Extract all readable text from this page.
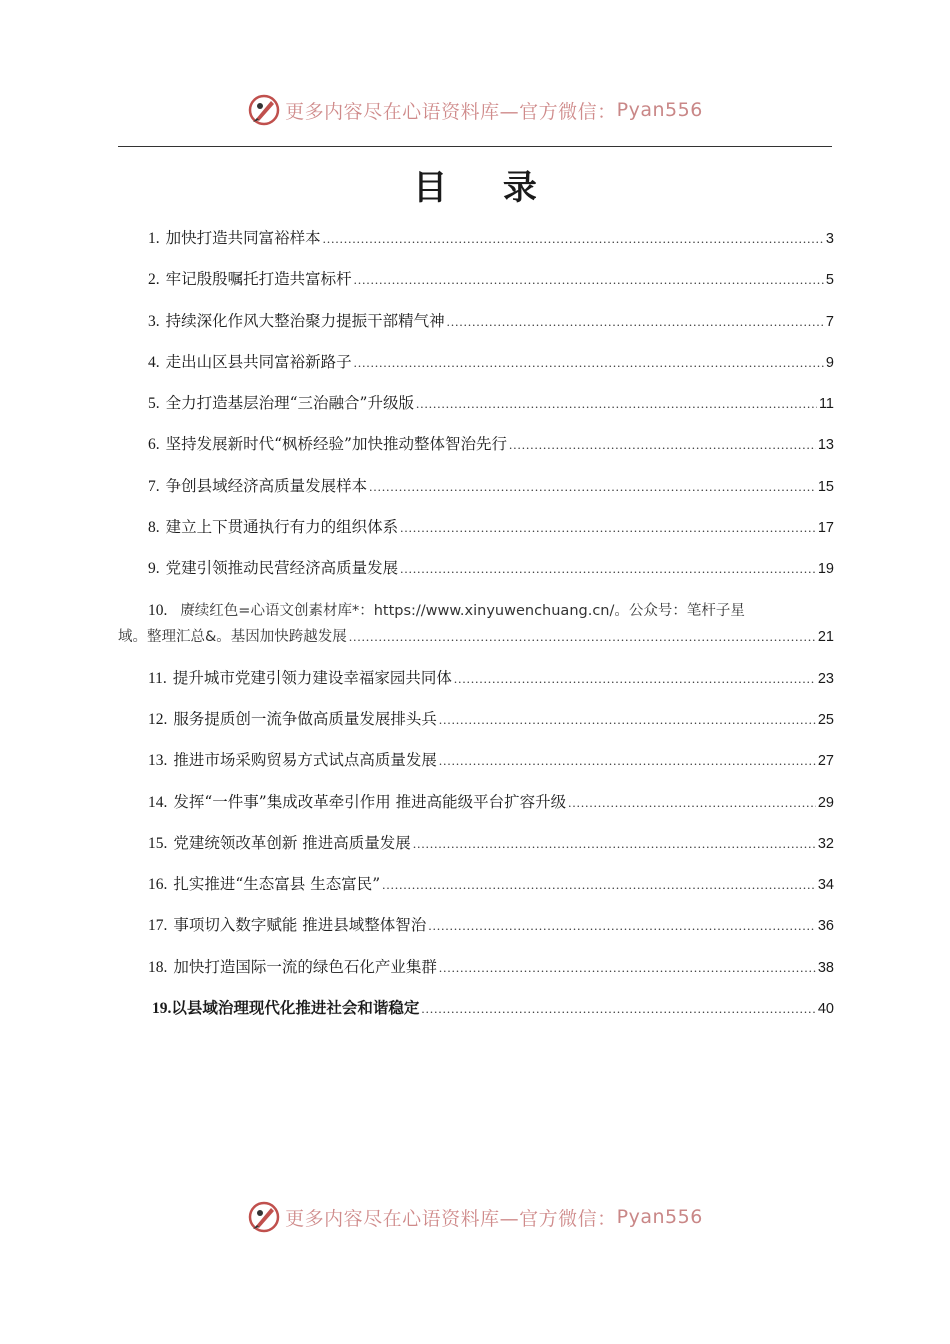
更多内容尽在心语资料库—官方微信： Pyan556
目 录
1. 加快打造共同富裕样本 .....	3
2. 牢记殷殷嘱托打造共富标杆 .....	5
3. 持续深化作风大整治聚力提振干部精气神 .....	7
4. 走出山区县共同富裕新路子 .....	9
5. 全力打造基层治理“三治融合”升级版 .....	11
6. 坚持发展新时代“枫桥经验”加快推动整体智治先行 .....	13
7. 争创县域经济高质量发展样本 .....	15
8. 建立上下贯通执行有力的组织体系 .....	17
9. 党建引领推动民营经济高质量发展 .....	19
10. 赓续红色=心语文创素材库*：https://www.xinyuwenchuang.cn/。公众号：笔杆子星
域。整理汇总&。基因加快跨越发展 .....	21
11. 提升城市党建引领力建设幸福家园共同体 .....	23
12. 服务提质创一流争做高质量发展排头兵 .....	25
13. 推进市场采购贸易方式试点高质量发展 .....	27
14. 发挥“一件事”集成改革牵引作用 推进高能级平台扩容升级 .....	29
15. 党建统领改革创新 推进高质量发展 .....	32
16. 扎实推进“生态富县 生态富民” .....	34
17. 事项切入数字赋能 推进县域整体智治 .....	36
18. 加快打造国际一流的绿色石化产业集群 .....	38
19. 以县域治理现代化推进社会和谐稳定 .....	40
更多内容尽在心语资料库—官方微信： Pyan556
